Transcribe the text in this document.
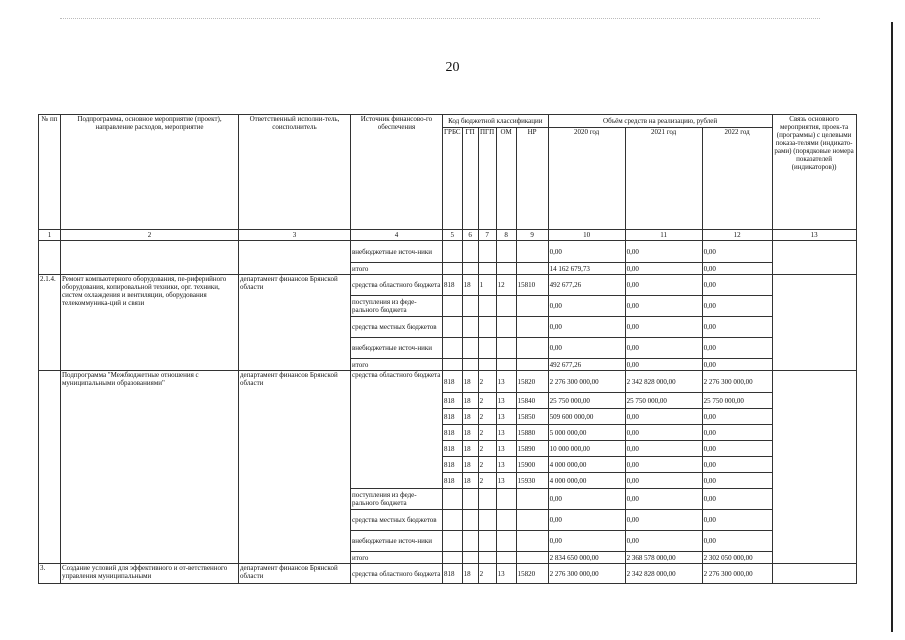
20
№ пп	Подпрограмма, основное мероприятие (проект), направление расходов, мероприятие	Ответственный исполни-тель, соисполнитель	Источник финансово-го обеспечения	Код бюджетной классификации					Объём средств на реализацию, рублей			Связь основного мероприятия, проек-та (программы) с целевыми показа-телями (индикато-рами) (порядковые номера показателей (индикаторов))
				ГРБС	ГП	ПГП	ОМ	НР	2020 год	2021 год	2022 год	
1	2	3	4	5	6	7	8	9	10	11	12	13
			внебюджетные источ-ники						0,00	0,00	0,00	
			итого						14 162 679,73	0,00	0,00	
2.1.4.	Ремонт компьютерного оборудования, пе-риферийного оборудования, копировальной техники, орг. техники, систем охлаждения и вентиляции, оборудования телекоммуника-ций и связи	департамент финансов Брянской области	средства областного бюджета	818	18	1	12	15810	492 677,26	0,00	0,00	
			поступления из феде-рального бюджета						0,00	0,00	0,00	
			средства местных бюджетов						0,00	0,00	0,00	
			внебюджетные источ-ники						0,00	0,00	0,00	
			итого						492 677,26	0,00	0,00	
	Подпрограмма "Межбюджетные отношения с муниципальными образованиями"	департамент финансов Брянской области	средства областного бюджета	818	18	2	13	15820	2 276 300 000,00	2 342 828 000,00	2 276 300 000,00	
				818	18	2	13	15840	25 750 000,00	25 750 000,00	25 750 000,00	
				818	18	2	13	15850	509 600 000,00	0,00	0,00	
				818	18	2	13	15880	5 000 000,00	0,00	0,00	
				818	18	2	13	15890	10 000 000,00	0,00	0,00	
				818	18	2	13	15900	4 000 000,00	0,00	0,00	
				818	18	2	13	15930	4 000 000,00	0,00	0,00	
			поступления из феде-рального бюджета						0,00	0,00	0,00	
			средства местных бюджетов						0,00	0,00	0,00	
			внебюджетные источ-ники						0,00	0,00	0,00	
			итого						2 834 650 000,00	2 368 578 000,00	2 302 050 000,00	
3.	Создание условий для эффективного и от-ветственного управления муниципальными	департамент финансов Брянской области	средства областного бюджета	818	18	2	13	15820	2 276 300 000,00	2 342 828 000,00	2 276 300 000,00	
